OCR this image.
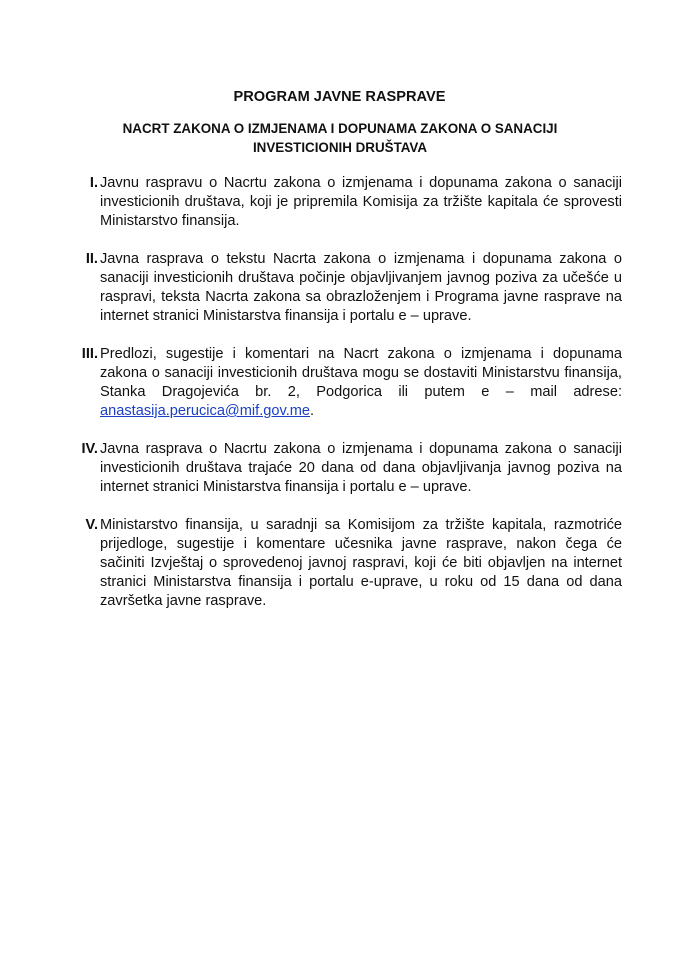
PROGRAM JAVNE RASPRAVE
NACRT ZAKONA O IZMJENAMA I DOPUNAMA ZAKONA O SANACIJI INVESTICIONIH DRUŠTAVA
I. Javnu raspravu o Nacrtu zakona o izmjenama i dopunama zakona o sanaciji investicionih društava, koji je pripremila Komisija za tržište kapitala će sprovesti Ministarstvo finansija.
II. Javna rasprava o tekstu Nacrta zakona o izmjenama i dopunama zakona o sanaciji investicionih društava počinje objavljivanjem javnog poziva za učešće u raspravi, teksta Nacrta zakona sa obrazloženjem i Programa javne rasprave na internet stranici Ministarstva finansija i portalu e – uprave.
III. Predlozi, sugestije i komentari na Nacrt zakona o izmjenama i dopunama zakona o sanaciji investicionih društava mogu se dostaviti Ministarstvu finansija, Stanka Dragojevića br. 2, Podgorica ili putem e – mail adrese: anastasija.perucica@mif.gov.me.
IV. Javna rasprava o Nacrtu zakona o izmjenama i dopunama zakona o sanaciji investicionih društava trajaće 20 dana od dana objavljivanja javnog poziva na internet stranici Ministarstva finansija i portalu e – uprave.
V. Ministarstvo finansija, u saradnji sa Komisijom za tržište kapitala, razmotriće prijedloge, sugestije i komentare učesnika javne rasprave, nakon čega će sačiniti Izvještaj o sprovedenoj javnoj raspravi, koji će biti objavljen na internet stranici Ministarstva finansija i portalu e-uprave, u roku od 15 dana od dana završetka javne rasprave.
